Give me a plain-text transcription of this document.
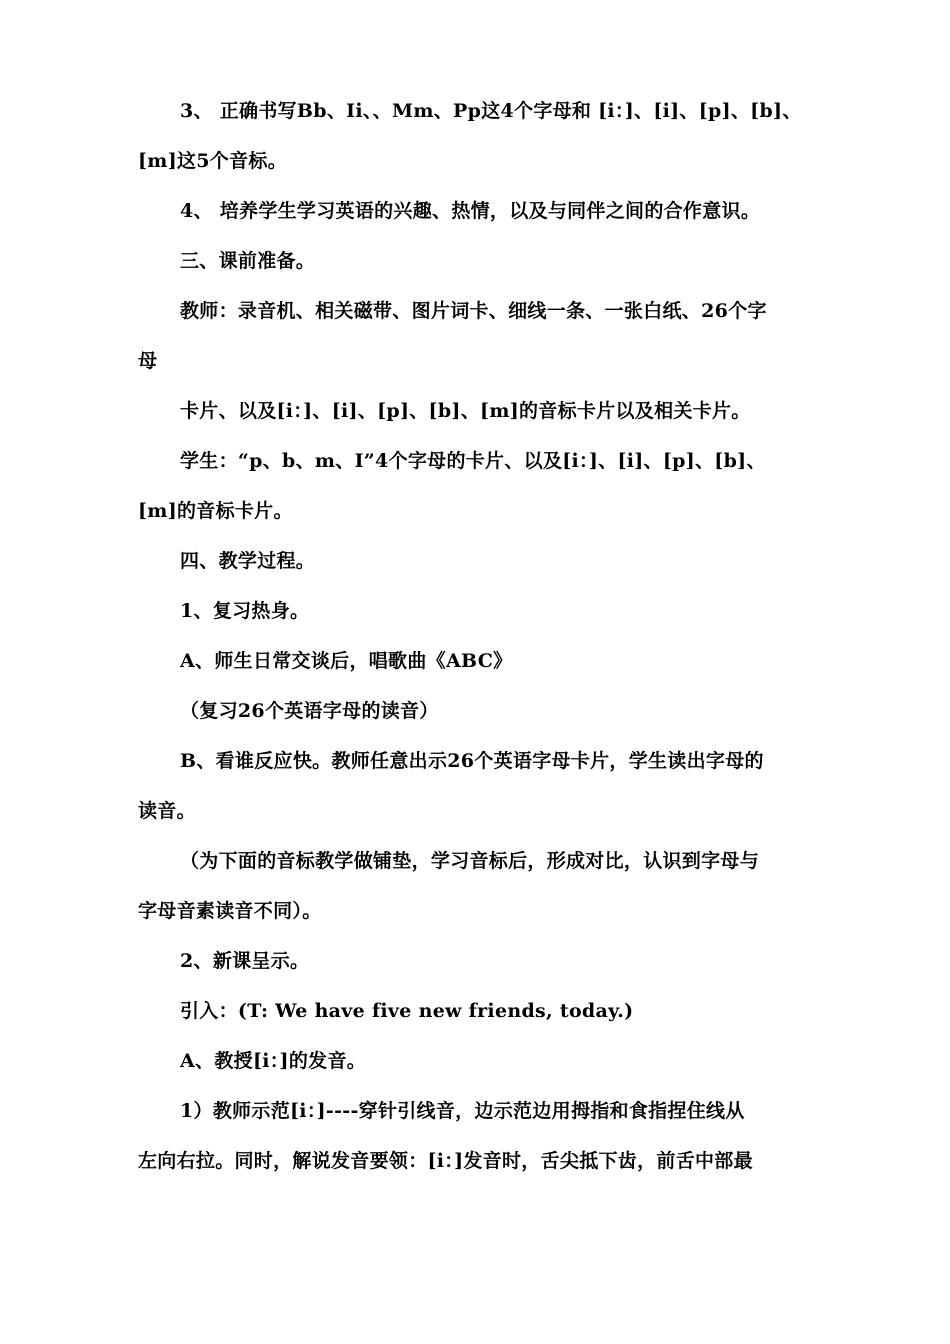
3、 正确书写Bb、Ii、、Mm、Pp这4个字母和 [i：]、[i]、[p]、[b]、
[m]这5个音标。
4、 培养学生学习英语的兴趣、热情，以及与同伴之间的合作意识。
三、课前准备。
教师：录音机、相关磁带、图片词卡、细线一条、一张白纸、26个字
母
卡片、以及[i：]、[i]、[p]、[b]、[m]的音标卡片以及相关卡片。
学生：“p、b、m、I”4个字母的卡片、以及[i：]、[i]、[p]、[b]、
[m]的音标卡片。
四、教学过程。
1、复习热身。
A、师生日常交谈后，唱歌曲《ABC》
（复习26个英语字母的读音）
B、看谁反应快。教师任意出示26个英语字母卡片，学生读出字母的
读音。
（为下面的音标教学做铺垫，学习音标后，形成对比，认识到字母与
字母音素读音不同）。
2、新课呈示。
引入：(T: We have five new friends, today.)
A、教授[i：]的发音。
1）教师示范[i：]----穿针引线音，边示范边用拇指和食指捏住线从
左向右拉。同时，解说发音要领：[i：]发音时，舌尖抵下齿，前舌中部最
